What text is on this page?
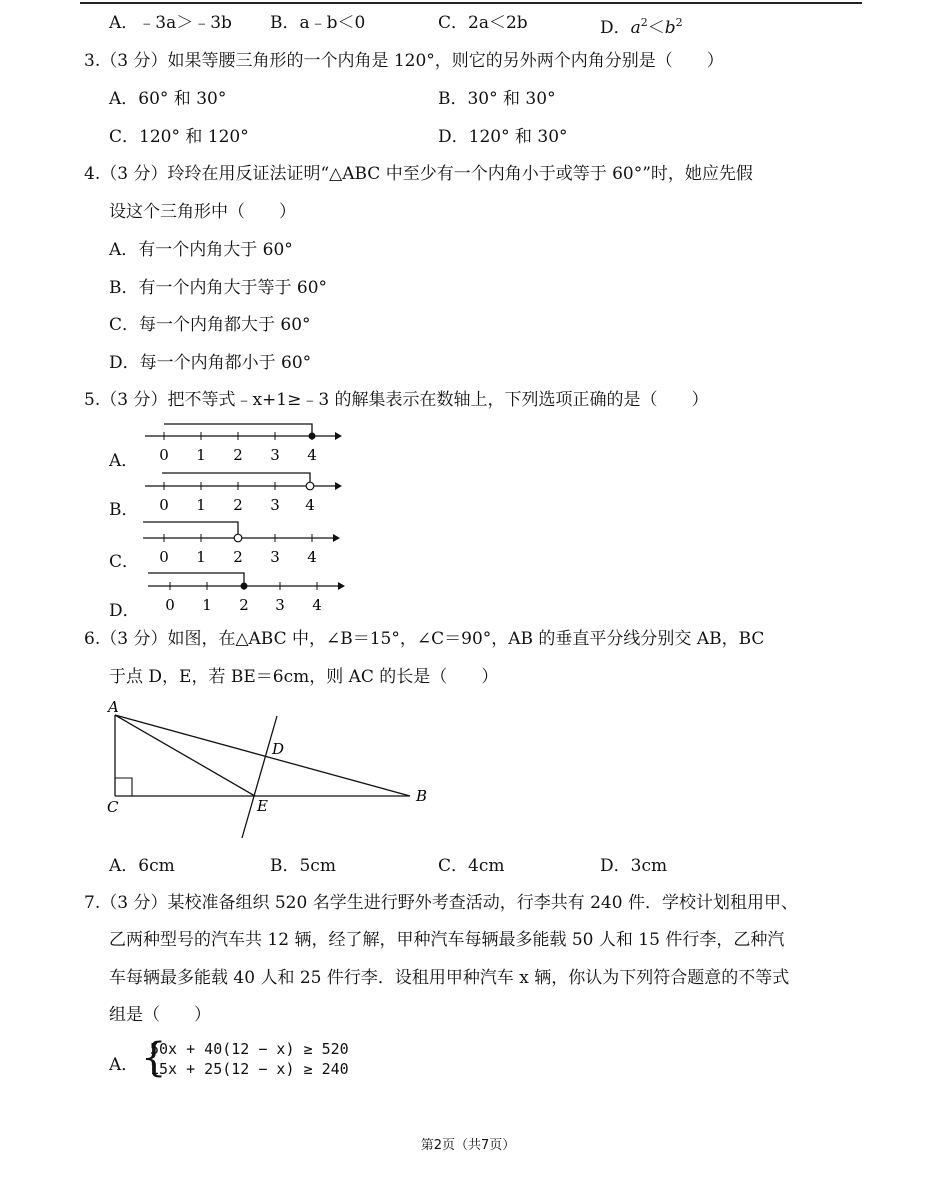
A．﹣3a＞﹣3b B．a﹣b＜0	C．2a＜2b	D．$a^2<b^2$
3.（3 分）如果等腰三角形的一个内角是 120°，则它的另外两个内角分别是（　　）
A．60° 和 30°	B．30° 和 30°
C．120° 和 120°	D．120° 和 30°
4.（3 分）玲玲在用反证法证明“△ABC 中至少有一个内角小于或等于 60°”时，她应先假
设这个三角形中（　　）
A．有一个内角大于 60°
B．有一个内角大于等于 60°
C．每一个内角都大于 60°
D．每一个内角都小于 60°
5.（3 分）把不等式﹣x+1≥﹣3 的解集表示在数轴上，下列选项正确的是（　　）
A．
B．
C．
D．
0 1 2 3 4
0 1 2 3 4
0 1 2 3 4
0 1 2 3 4
6.（3 分）如图，在△ABC 中，∠B＝15°，∠C＝90°，AB 的垂直平分线分别交 AB，BC
于点 D，E，若 BE＝6cm，则 AC 的长是（　　）
A
C
D
E
B
A．6cm	B．5cm	C．4cm	D．3cm
7.（3 分）某校准备组织 520 名学生进行野外考查活动，行李共有 240 件．学校计划租用甲、
乙两种型号的汽车共 12 辆，经了解，甲种汽车每辆最多能载 50 人和 15 件行李，乙种汽
车每辆最多能载 40 人和 25 件行李．设租用甲种汽车 x 辆，你认为下列符合题意的不等式
组是（　　）
A． {
50x + 40(12 − x) ≥ 520
15x + 25(12 − x) ≥ 240
第2页（共7页）
